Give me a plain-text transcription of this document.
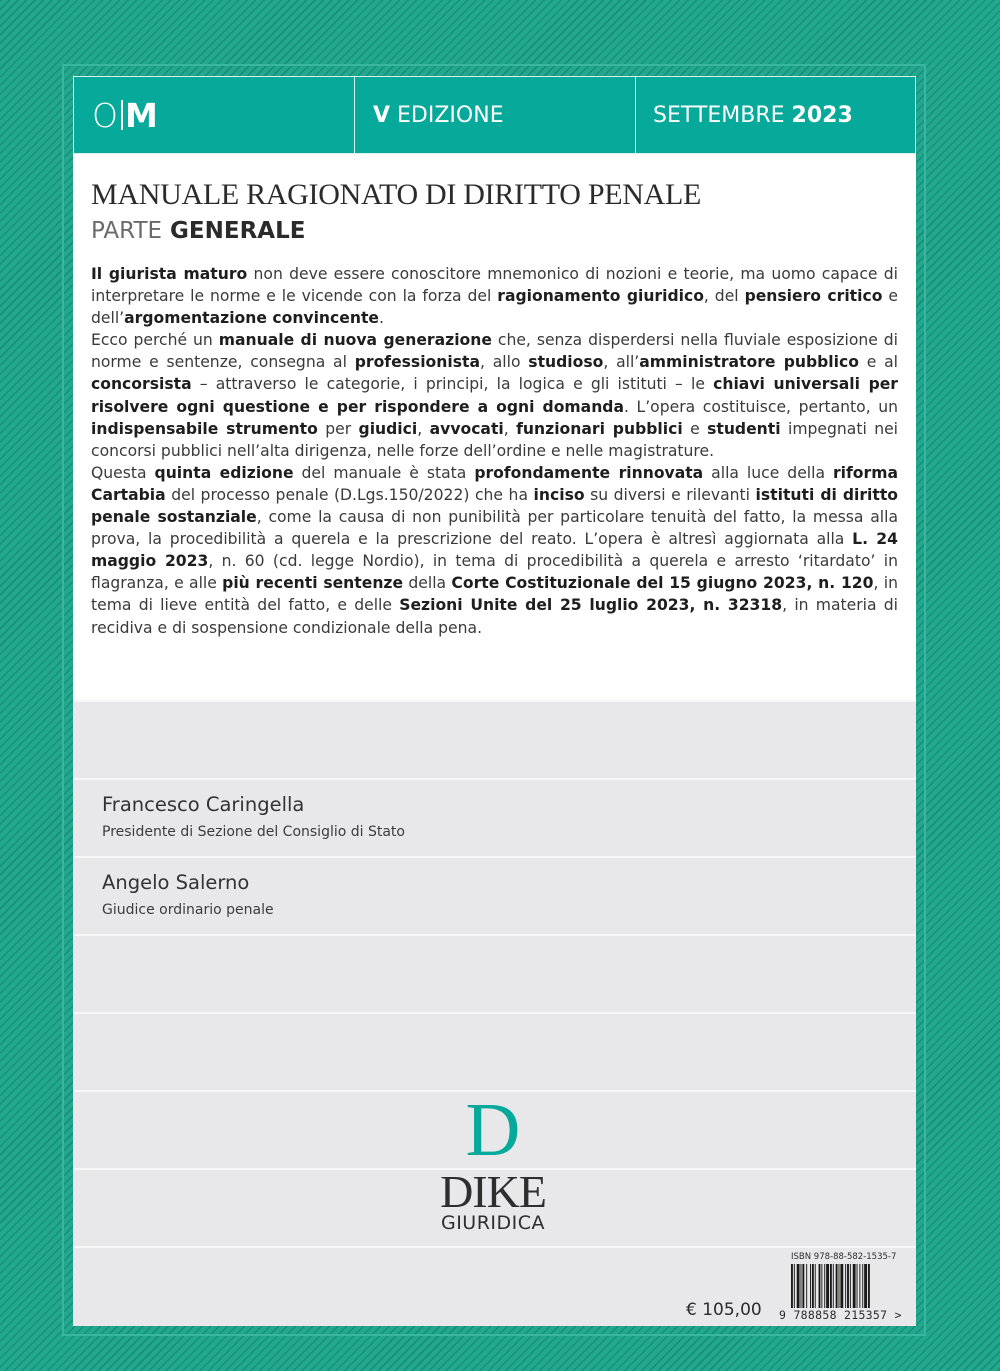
O M	V
EDIZIONE	SETTEMBRE
2023
MANUALE RAGIONATO DI DIRITTO PENALE
PARTE GENERALE

Il giurista maturo non deve essere conoscitore mnemonico di nozioni e teorie, ma uomo capace di interpretare le norme e le vicende con la forza del ragionamento giuridico, del pensiero critico e dell’argomentazione convincente.

Ecco perché un manuale di nuova generazione che, senza disperdersi nella fluviale esposizione di norme e sentenze, consegna al professionista, allo studioso, all’amministratore pubblico e al concorsista – attraverso le categorie, i principi, la logica e gli istituti – le chiavi universali per risolvere ogni questione e per rispondere a ogni domanda. L’opera costituisce, pertanto, un indispensabile strumento per giudici, avvocati, funzionari pubblici e studenti impegnati nei concorsi pubblici nell’alta dirigenza, nelle forze dell’ordine e nelle magistrature.

Questa quinta edizione del manuale è stata profondamente rinnovata alla luce della riforma Cartabia del processo penale (D.Lgs.150/2022) che ha inciso su diversi e rilevanti istituti di diritto penale sostanziale, come la causa di non punibilità per particolare tenuità del fatto, la messa alla prova, la procedibilità a querela e la prescrizione del reato. L’opera è altresì aggiornata alla L. 24 maggio 2023, n. 60 (cd. legge Nordio), in tema di procedibilità a querela e arresto ‘ritardato’ in flagranza, e alle più recenti sentenze della Corte Costituzionale del 15 giugno 2023, n. 120, in tema di lieve entità del fatto, e delle Sezioni Unite del 25 luglio 2023, n. 32318, in materia di recidiva e di sospensione condizionale della pena.

Francesco Caringella

Presidente di Sezione del Consiglio di Stato

Angelo Salerno

Giudice ordinario penale

D
DIKE
GIURIDICA
€ 105,00
ISBN 978-88-582-1535-7
9 788858 215357 >
